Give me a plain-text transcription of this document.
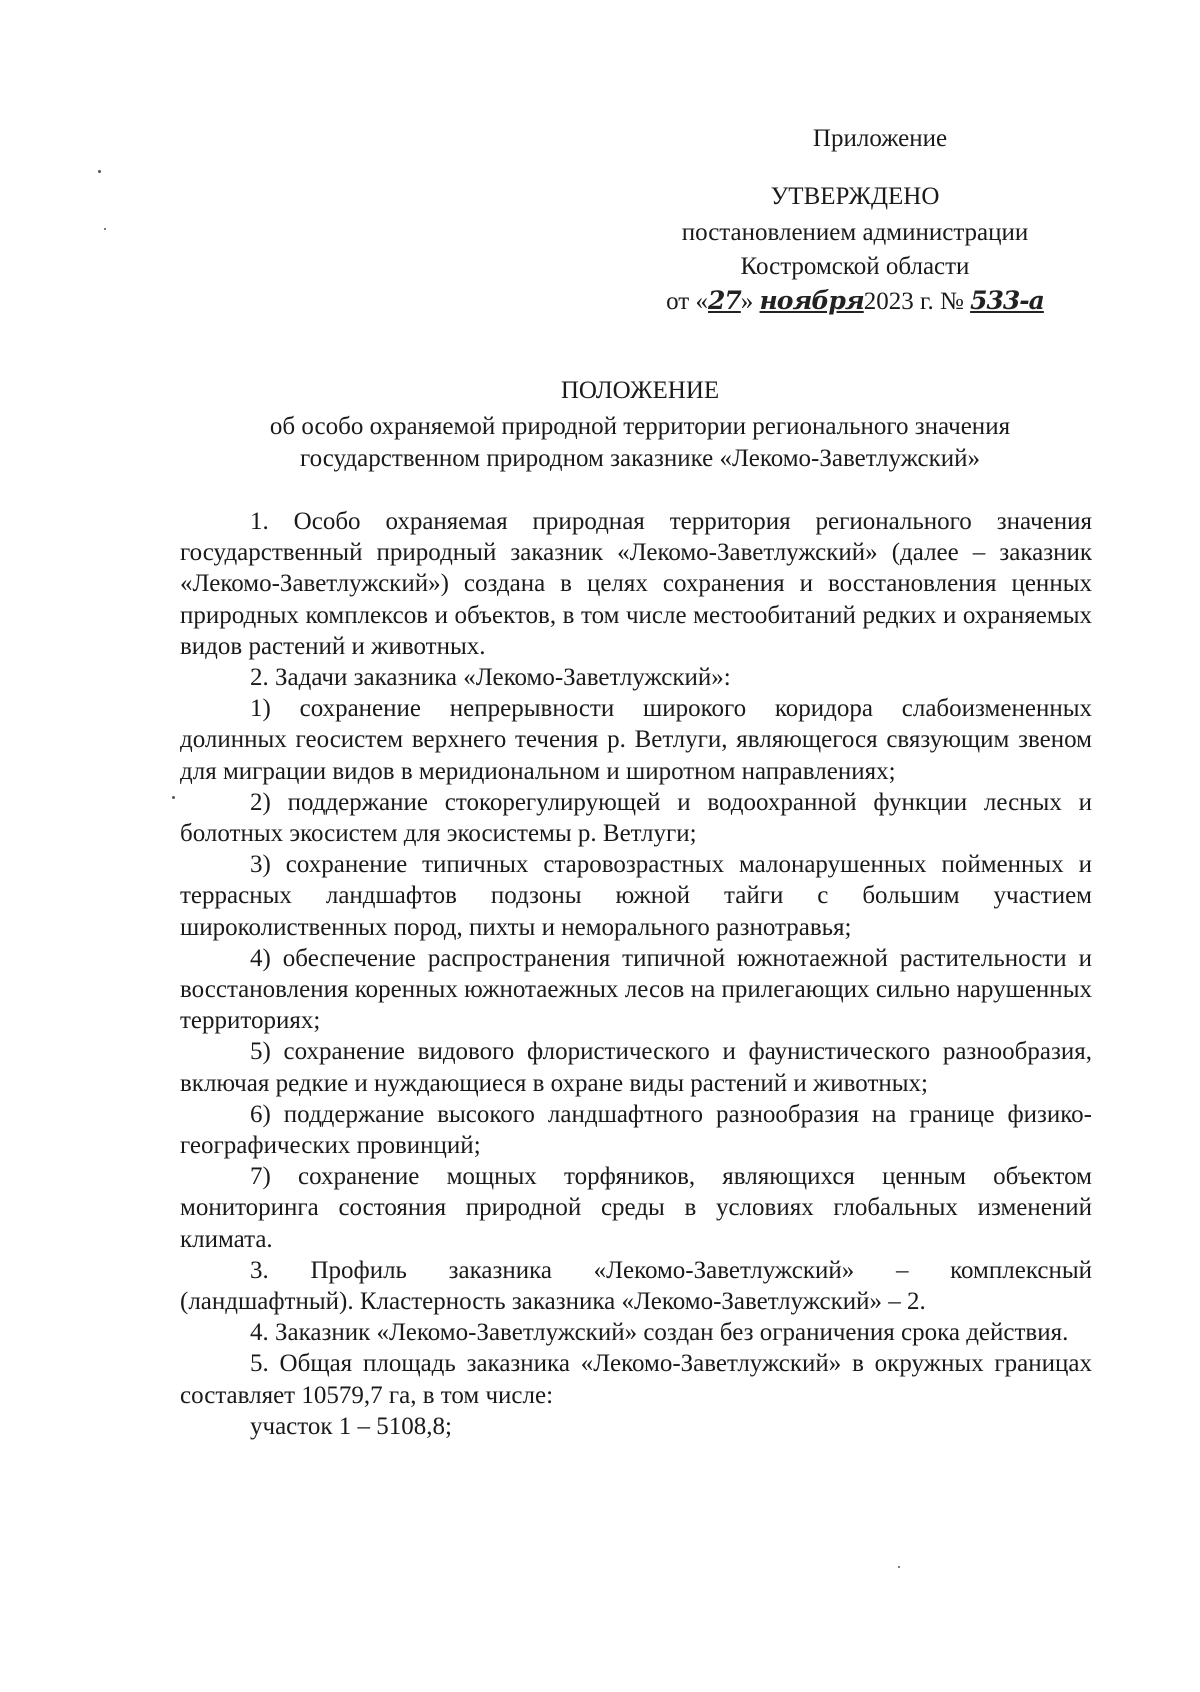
Приложение
УТВЕРЖДЕНО
постановлением администрации
Костромской области
от «27» ноября2023 г. № 533-а
ПОЛОЖЕНИЕ
об особо охраняемой природной территории регионального значения
государственном природном заказнике «Лекомо-Заветлужский»

1. Особо охраняемая природная территория регионального значения государственный природный заказник «Лекомо-Заветлужский» (далее – заказник «Лекомо-Заветлужский») создана в целях сохранения и восстановления ценных природных комплексов и объектов, в том числе местообитаний редких и охраняемых видов растений и животных.

2. Задачи заказника «Лекомо-Заветлужский»:

1) сохранение непрерывности широкого коридора слабоизмененных долинных геосистем верхнего течения р. Ветлуги, являющегося связующим звеном для миграции видов в меридиональном и широтном направлениях;

2) поддержание стокорегулирующей и водоохранной функции лесных и болотных экосистем для экосистемы р. Ветлуги;

3) сохранение типичных старовозрастных малонарушенных пойменных и террасных ландшафтов подзоны южной тайги с большим участием широколиственных пород, пихты и неморального разнотравья;

4) обеспечение распространения типичной южнотаежной растительности и восстановления коренных южнотаежных лесов на прилегающих сильно нарушенных территориях;

5) сохранение видового флористического и фаунистического разнообразия, включая редкие и нуждающиеся в охране виды растений и животных;

6) поддержание высокого ландшафтного разнообразия на границе физико-географических провинций;

7) сохранение мощных торфяников, являющихся ценным объектом мониторинга состояния природной среды в условиях глобальных изменений климата.

3. Профиль заказника «Лекомо-Заветлужский» – комплексный (ландшафтный). Кластерность заказника «Лекомо-Заветлужский» – 2.

4. Заказник «Лекомо-Заветлужский» создан без ограничения срока действия.

5. Общая площадь заказника «Лекомо-Заветлужский» в окружных границах составляет 10579,7 га, в том числе:

участок 1 – 5108,8;
